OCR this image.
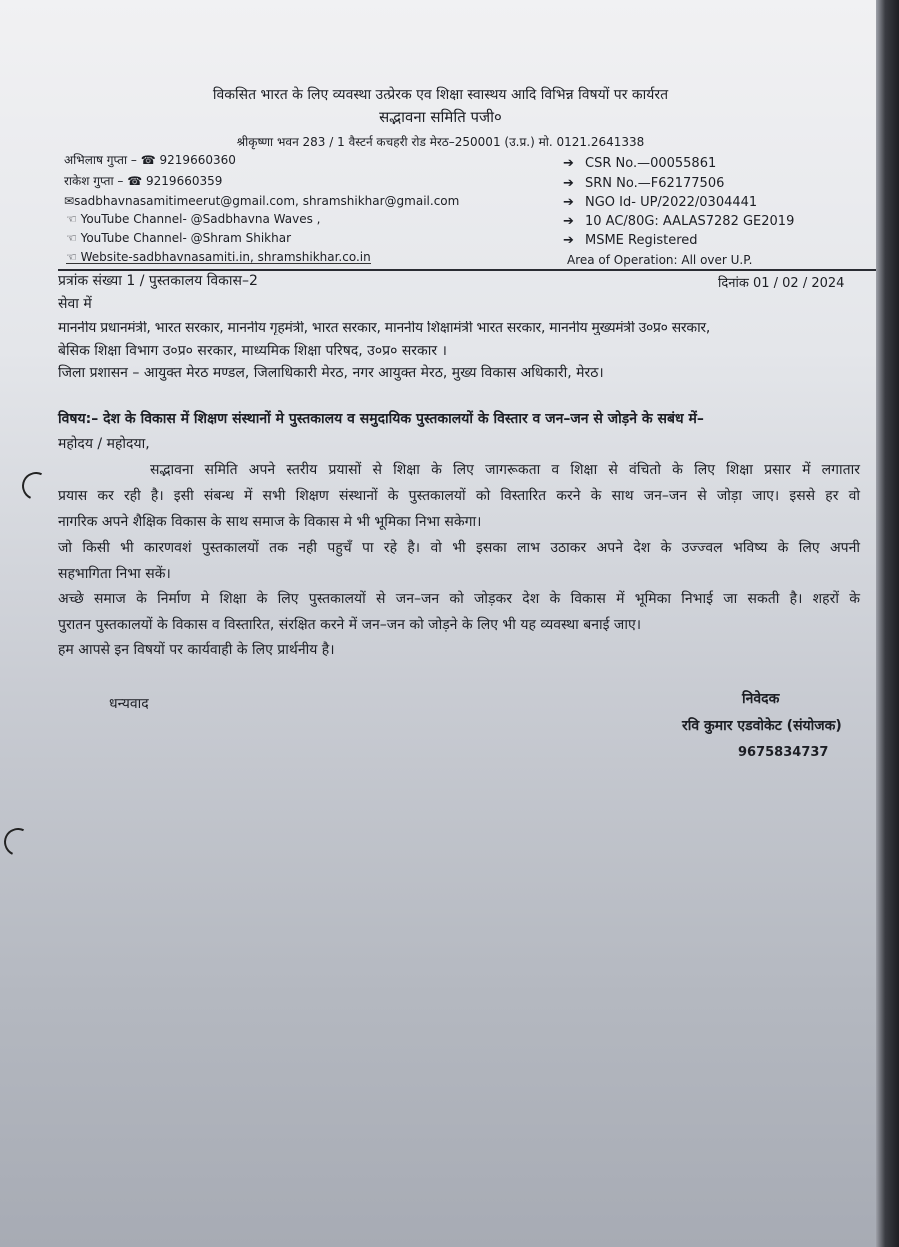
विकसित भारत के लिए व्यवस्था उत्प्रेरक एव शिक्षा स्वास्थय आदि विभिन्न विषयों पर कार्यरत
सद्भावना समिति पजी०
श्रीकृष्णा भवन 283 / 1 वैस्टर्न कचहरी रोड मेरठ–250001 (उ.प्र.) मो. 0121.2641338
अभिलाष गुप्ता – ☎ 9219660360
राकेश गुप्ता – ☎ 9219660359
✉sadbhavnasamitimeerut@gmail.com, shramshikhar@gmail.com
☜ YouTube Channel- @Sadbhavna Waves ,
☜ YouTube Channel- @Shram Shikhar
☜ Website-sadbhavnasamiti.in, shramshikhar.co.in
➔ CSR No.—00055861
➔ SRN No.—F62177506
➔ NGO Id- UP/2022/0304441
➔ 10 AC/80G: AALAS7282 GE2019
➔ MSME Registered
Area of Operation: All over U.P.
प्रत्रांक संख्या 1 / पुस्तकालय विकास–2	दिनांक 01 / 02 / 2024
सेवा में
माननीय प्रधानमंत्री, भारत सरकार, माननीय गृहमंत्री, भारत सरकार, माननीय शिक्षामंत्री भारत सरकार, माननीय मुख्यमंत्री उ०प्र० सरकार,
बेसिक शिक्षा विभाग उ०प्र० सरकार, माध्यमिक शिक्षा परिषद, उ०प्र० सरकार ।
जिला प्रशासन – आयुक्त मेरठ मण्डल, जिलाधिकारी मेरठ, नगर आयुक्त मेरठ, मुख्य विकास अधिकारी, मेरठ।
विषय:– देश के विकास में शिक्षण संस्थानों मे पुस्तकालय व समुदायिक पुस्तकालयों के विस्तार व जन–जन से जोड़ने के सबंध में–
महोदय / महोदया,
सद्भावना समिति अपने स्तरीय प्रयासों से शिक्षा के लिए जागरूकता व शिक्षा से वंचितो के लिए शिक्षा प्रसार में लगातार
प्रयास कर रही है। इसी संबन्ध में सभी शिक्षण संस्थानों के पुस्तकालयों को विस्तारित करने के साथ जन–जन से जोड़ा जाए। इससे हर वो
नागरिक अपने शैक्षिक विकास के साथ समाज के विकास मे भी भूमिका निभा सकेगा।
जो किसी भी कारणवशं पुस्तकालयों तक नही पहुचँ पा रहे है। वो भी इसका लाभ उठाकर अपने देश के उज्ज्वल भविष्य के लिए अपनी
सहभागिता निभा सकें।
अच्छे समाज के निर्माण मे शिक्षा के लिए पुस्तकालयों से जन–जन को जोड़कर देश के विकास में भूमिका निभाई जा सकती है। शहरों के
पुरातन पुस्तकालयों के विकास व विस्तारित, संरक्षित करने में जन–जन को जोड़ने के लिए भी यह व्यवस्था बनाई जाए।
हम आपसे इन विषयों पर कार्यवाही के लिए प्रार्थनीय है।
धन्यवाद	निवेदक
रवि कुमार एडवोकेट (संयोजक)
9675834737
